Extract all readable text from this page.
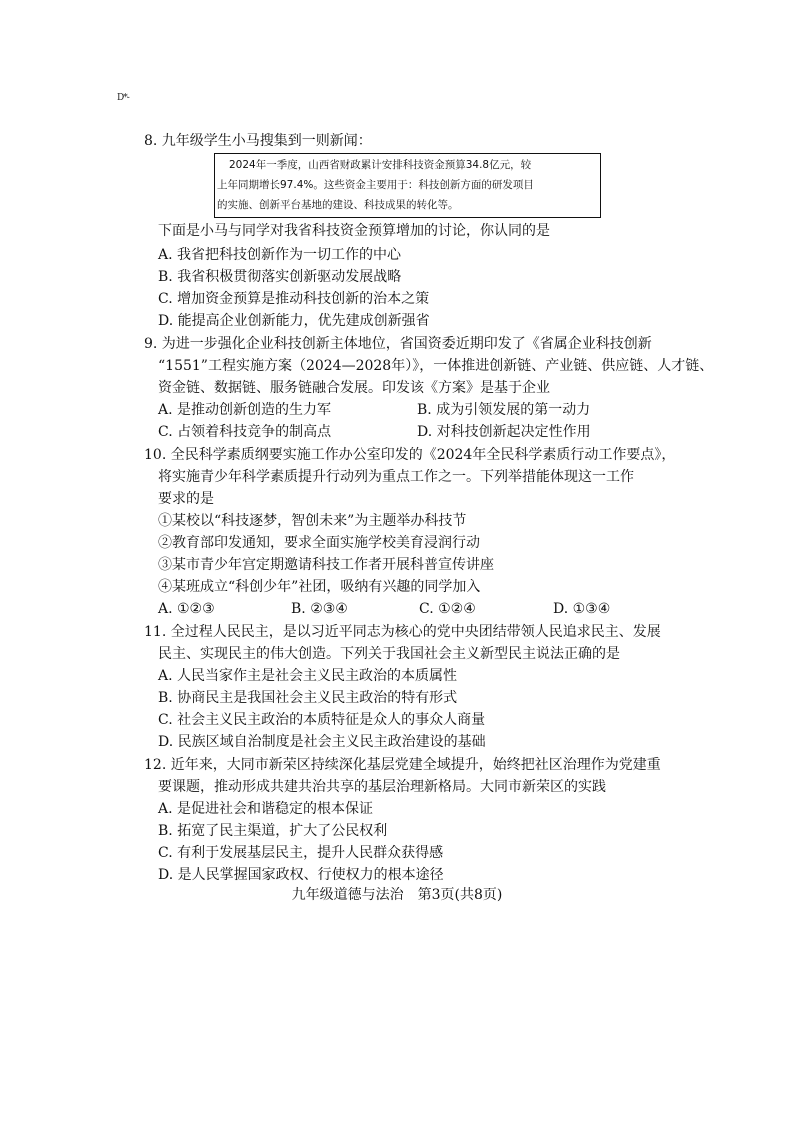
D*-
8. 九年级学生小马搜集到一则新闻：
2024年一季度，山西省财政累计安排科技资金预算34.8亿元，较
上年同期增长97.4%。这些资金主要用于：科技创新方面的研发项目
的实施、创新平台基地的建设、科技成果的转化等。
下面是小马与同学对我省科技资金预算增加的讨论，你认同的是
A. 我省把科技创新作为一切工作的中心
B. 我省积极贯彻落实创新驱动发展战略
C. 增加资金预算是推动科技创新的治本之策
D. 能提高企业创新能力，优先建成创新强省
9. 为进一步强化企业科技创新主体地位，省国资委近期印发了《省属企业科技创新
“1551”工程实施方案（2024—2028年）》，一体推进创新链、产业链、供应链、人才链、
资金链、数据链、服务链融合发展。印发该《方案》是基于企业
A. 是推动创新创造的生力军	B. 成为引领发展的第一动力
C. 占领着科技竞争的制高点	D. 对科技创新起决定性作用
10. 全民科学素质纲要实施工作办公室印发的《2024年全民科学素质行动工作要点》，
将实施青少年科学素质提升行动列为重点工作之一。下列举措能体现这一工作
要求的是
①某校以“科技逐梦，智创未来”为主题举办科技节
②教育部印发通知，要求全面实施学校美育浸润行动
③某市青少年宫定期邀请科技工作者开展科普宣传讲座
④某班成立“科创少年”社团，吸纳有兴趣的同学加入
A. ①②③	B. ②③④	C. ①②④	D. ①③④
11. 全过程人民民主，是以习近平同志为核心的党中央团结带领人民追求民主、发展
民主、实现民主的伟大创造。下列关于我国社会主义新型民主说法正确的是
A. 人民当家作主是社会主义民主政治的本质属性
B. 协商民主是我国社会主义民主政治的特有形式
C. 社会主义民主政治的本质特征是众人的事众人商量
D. 民族区域自治制度是社会主义民主政治建设的基础
12. 近年来，大同市新荣区持续深化基层党建全域提升，始终把社区治理作为党建重
要课题，推动形成共建共治共享的基层治理新格局。大同市新荣区的实践
A. 是促进社会和谐稳定的根本保证
B. 拓宽了民主渠道，扩大了公民权利
C. 有利于发展基层民主，提升人民群众获得感
D. 是人民掌握国家政权、行使权力的根本途径
九年级道德与法治　第3页(共8页)
